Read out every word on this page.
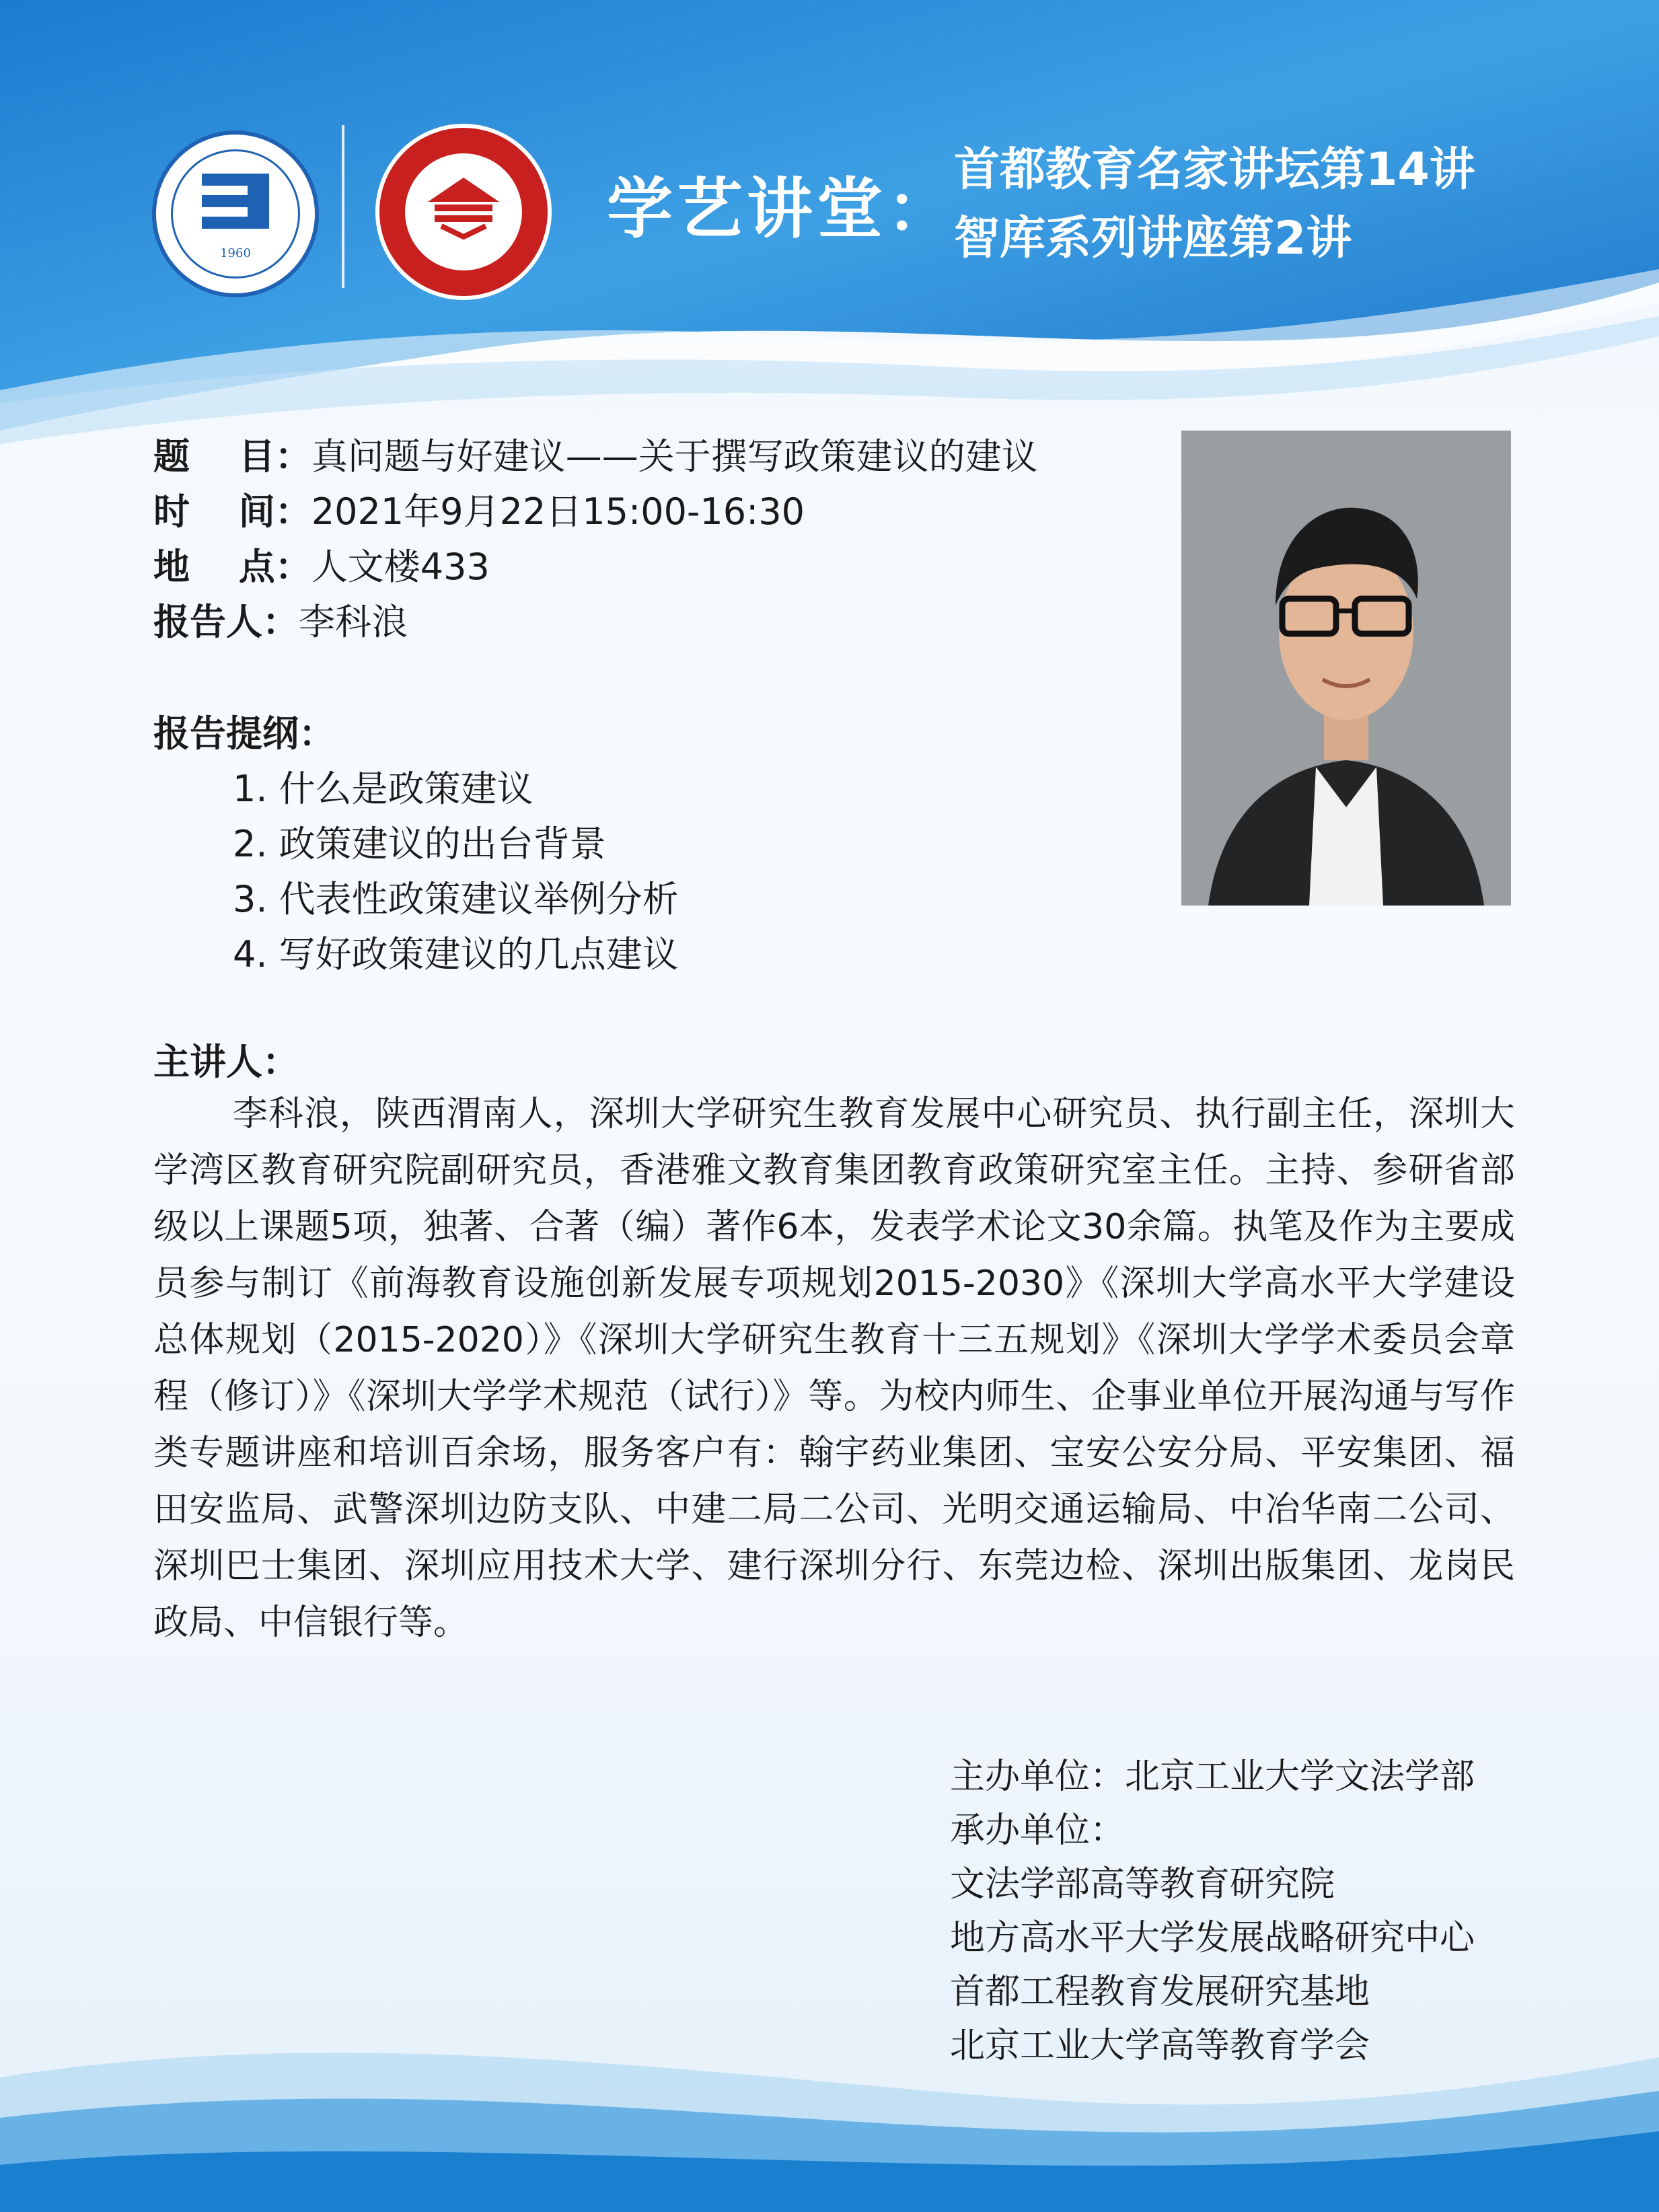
1960
学艺讲堂：
首都教育名家讲坛第14讲
智库系列讲座第2讲
题　 目：真问题与好建议——关于撰写政策建议的建议
时　 间：2021年9月22日15:00-16:30
地　 点：人文楼433
报告人：李科浪
报告提纲：
1. 什么是政策建议
2. 政策建议的出台背景
3. 代表性政策建议举例分析
4. 写好政策建议的几点建议
主讲人：

李科浪，陕西渭南人，深圳大学研究生教育发展中心研究员、执行副主任，深圳大学湾区教育研究院副研究员，香港雅文教育集团教育政策研究室主任。主持、参研省部级以上课题5项，独著、合著（编）著作6本，发表学术论文30余篇。执笔及作为主要成员参与制订《前海教育设施创新发展专项规划2015-2030》《深圳大学高水平大学建设总体规划（2015-2020）》《深圳大学研究生教育十三五规划》《深圳大学学术委员会章程（修订）》《深圳大学学术规范（试行）》等。为校内师生、企事业单位开展沟通与写作类专题讲座和培训百余场，服务客户有：翰宇药业集团、宝安公安分局、平安集团、福田安监局、武警深圳边防支队、中建二局二公司、光明交通运输局、中冶华南二公司、深圳巴士集团、深圳应用技术大学、建行深圳分行、东莞边检、深圳出版集团、龙岗民政局、中信银行等。

主办单位：北京工业大学文法学部
承办单位：
文法学部高等教育研究院
地方高水平大学发展战略研究中心
首都工程教育发展研究基地
北京工业大学高等教育学会
